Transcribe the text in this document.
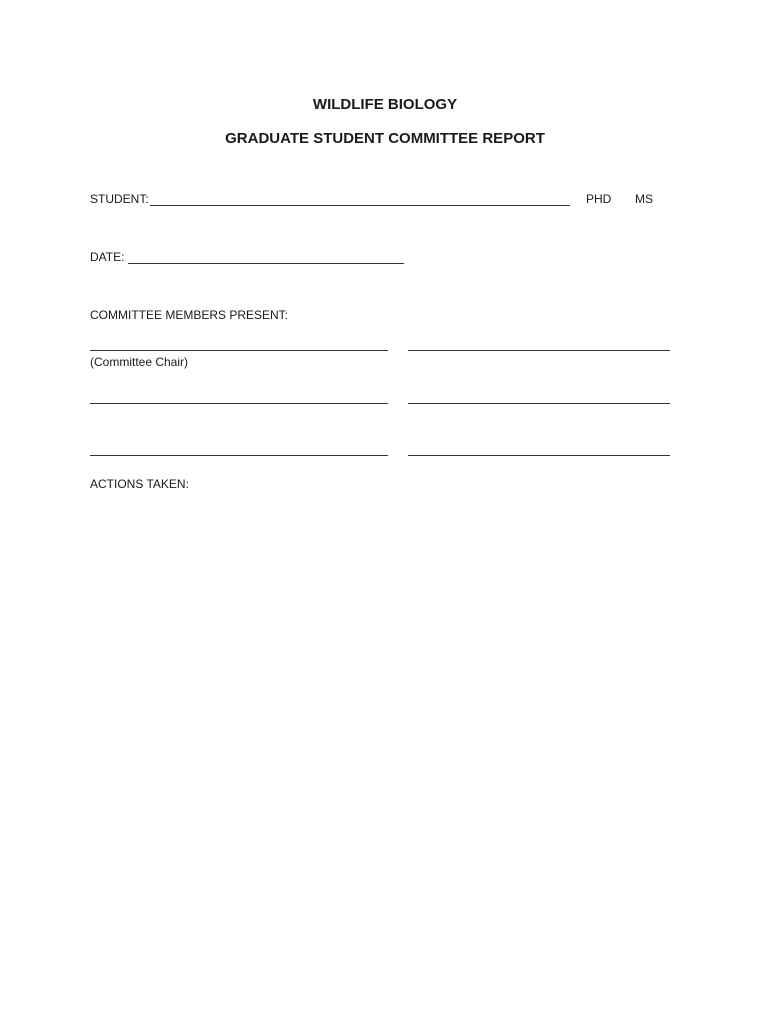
WILDLIFE BIOLOGY
GRADUATE STUDENT COMMITTEE REPORT
STUDENT:	PHD MS
DATE:
COMMITTEE MEMBERS PRESENT:
(Committee Chair)
ACTIONS TAKEN:
